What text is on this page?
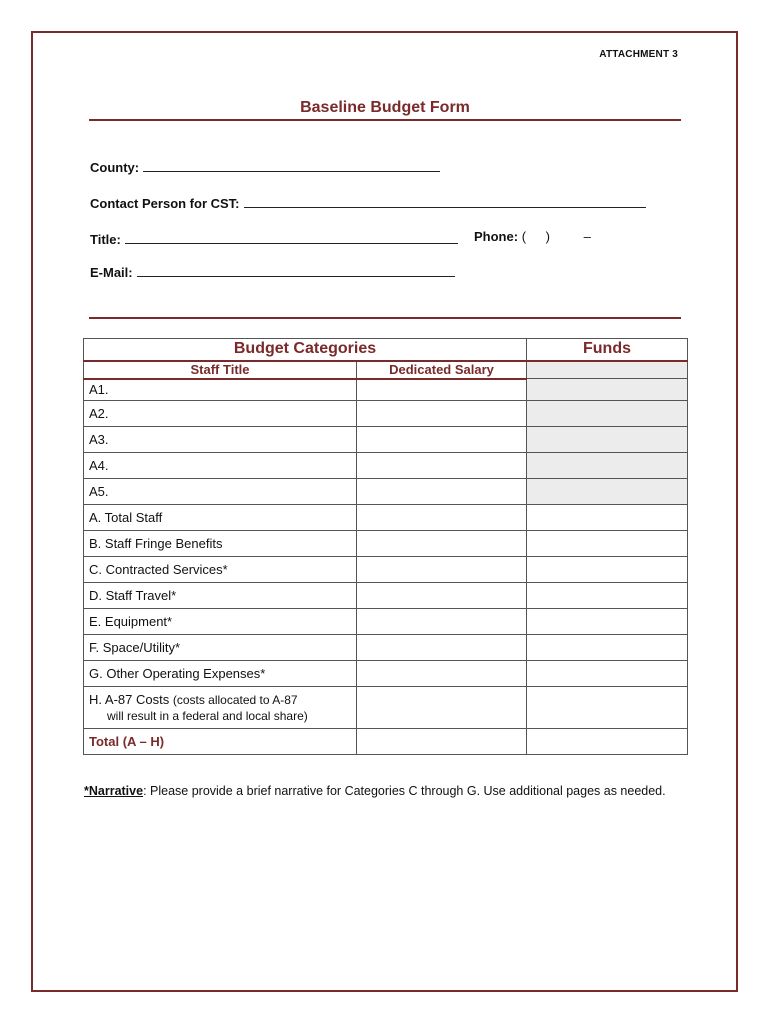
ATTACHMENT 3
Baseline Budget Form
County:
Contact Person for CST:
Title:	Phone: ( )	–
E-Mail:
Budget Categories		Funds
Staff Title	Dedicated Salary	
A1.		
A2.		
A3.		
A4.		
A5.		
A. Total Staff		
B. Staff Fringe Benefits		
C. Contracted Services*		
D. Staff Travel*		
E. Equipment*		
F. Space/Utility*		
G. Other Operating Expenses*		
H. A-87 Costs (costs allocated to A-87
will result in a federal and local share)		
Total (A – H)		
*Narrative: Please provide a brief narrative for Categories C through G. Use additional pages as needed.
